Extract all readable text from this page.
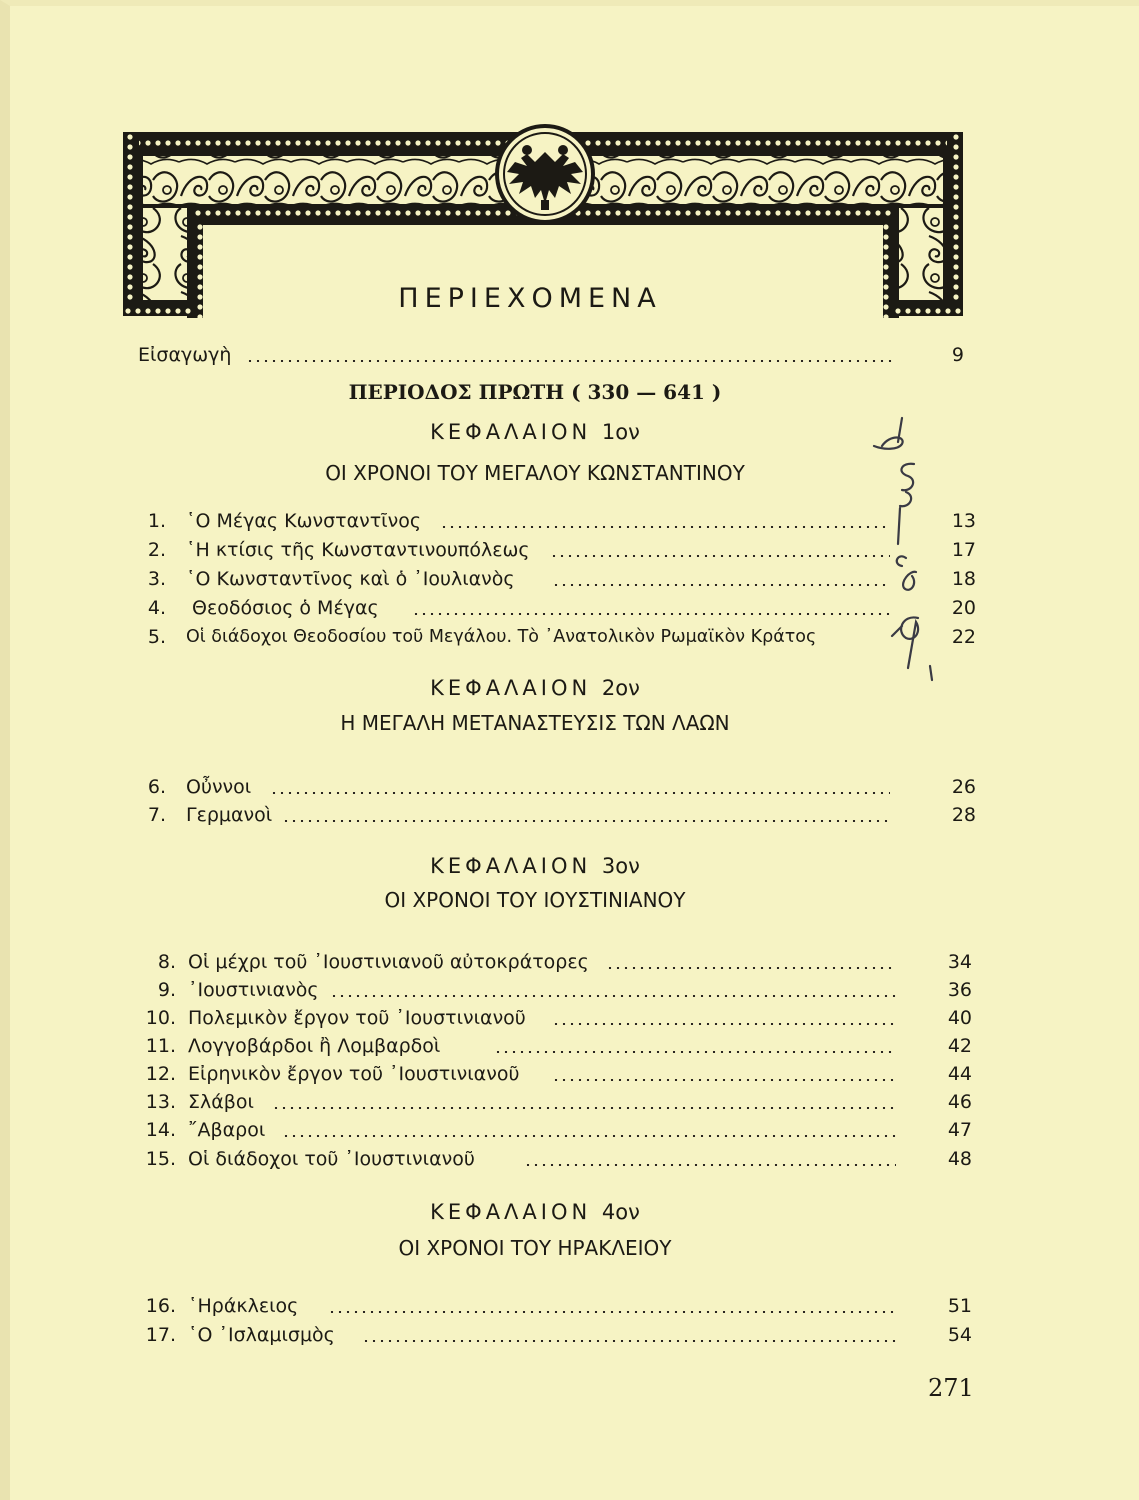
ΠΕΡΙΕΧΟΜΕΝΑ
Εἰσαγωγὴ	9
ΠΕΡΙΟΔΟΣ ΠΡΩΤΗ ( 330 — 641 )
ΚΕΦΑΛΑΙΟΝ 1ον
ΟΙ ΧΡΟΝΟΙ ΤΟΥ ΜΕΓΑΛΟΥ ΚΩΝΣΤΑΝΤΙΝΟΥ
1. ῾Ο Μέγας Κωνσταντῖνος	13
2. ῾Η κτίσις τῆς Κωνσταντινουπόλεως	17
3. ῾Ο Κωνσταντῖνος καὶ ὁ ᾿Ιουλιανὸς	18
4. Θεοδόσιος ὁ Μέγας	20
5. Οἱ διάδοχοι Θεοδοσίου τοῦ Μεγάλου. Τὸ ᾿Ανατολικὸν Ρωμαϊκὸν Κράτος	22
ΚΕΦΑΛΑΙΟΝ 2ον
Η ΜΕΓΑΛΗ ΜΕΤΑΝΑΣΤΕΥΣΙΣ ΤΩΝ ΛΑΩΝ
6. Οὖννοι	26
7. Γερμανοὶ	28
ΚΕΦΑΛΑΙΟΝ 3ον
ΟΙ ΧΡΟΝΟΙ ΤΟΥ ΙΟΥΣΤΙΝΙΑΝΟΥ
8. Οἱ μέχρι τοῦ ᾿Ιουστινιανοῦ αὐτοκράτορες	34
9. ᾿Ιουστινιανὸς	36
10. Πολεμικὸν ἔργον τοῦ ᾿Ιουστινιανοῦ	40
11. Λογγοβάρδοι ἢ Λομβαρδοὶ	42
12. Εἰρηνικὸν ἔργον τοῦ ᾿Ιουστινιανοῦ	44
13. Σλάβοι	46
14. ῎Αβαροι	47
15. Οἱ διάδοχοι τοῦ ᾿Ιουστινιανοῦ	48
ΚΕΦΑΛΑΙΟΝ 4ον
ΟΙ ΧΡΟΝΟΙ ΤΟΥ ΗΡΑΚΛΕΙΟΥ
16. ῾Ηράκλειος	51
17. ῾Ο ᾿Ισλαμισμὸς	54
271
